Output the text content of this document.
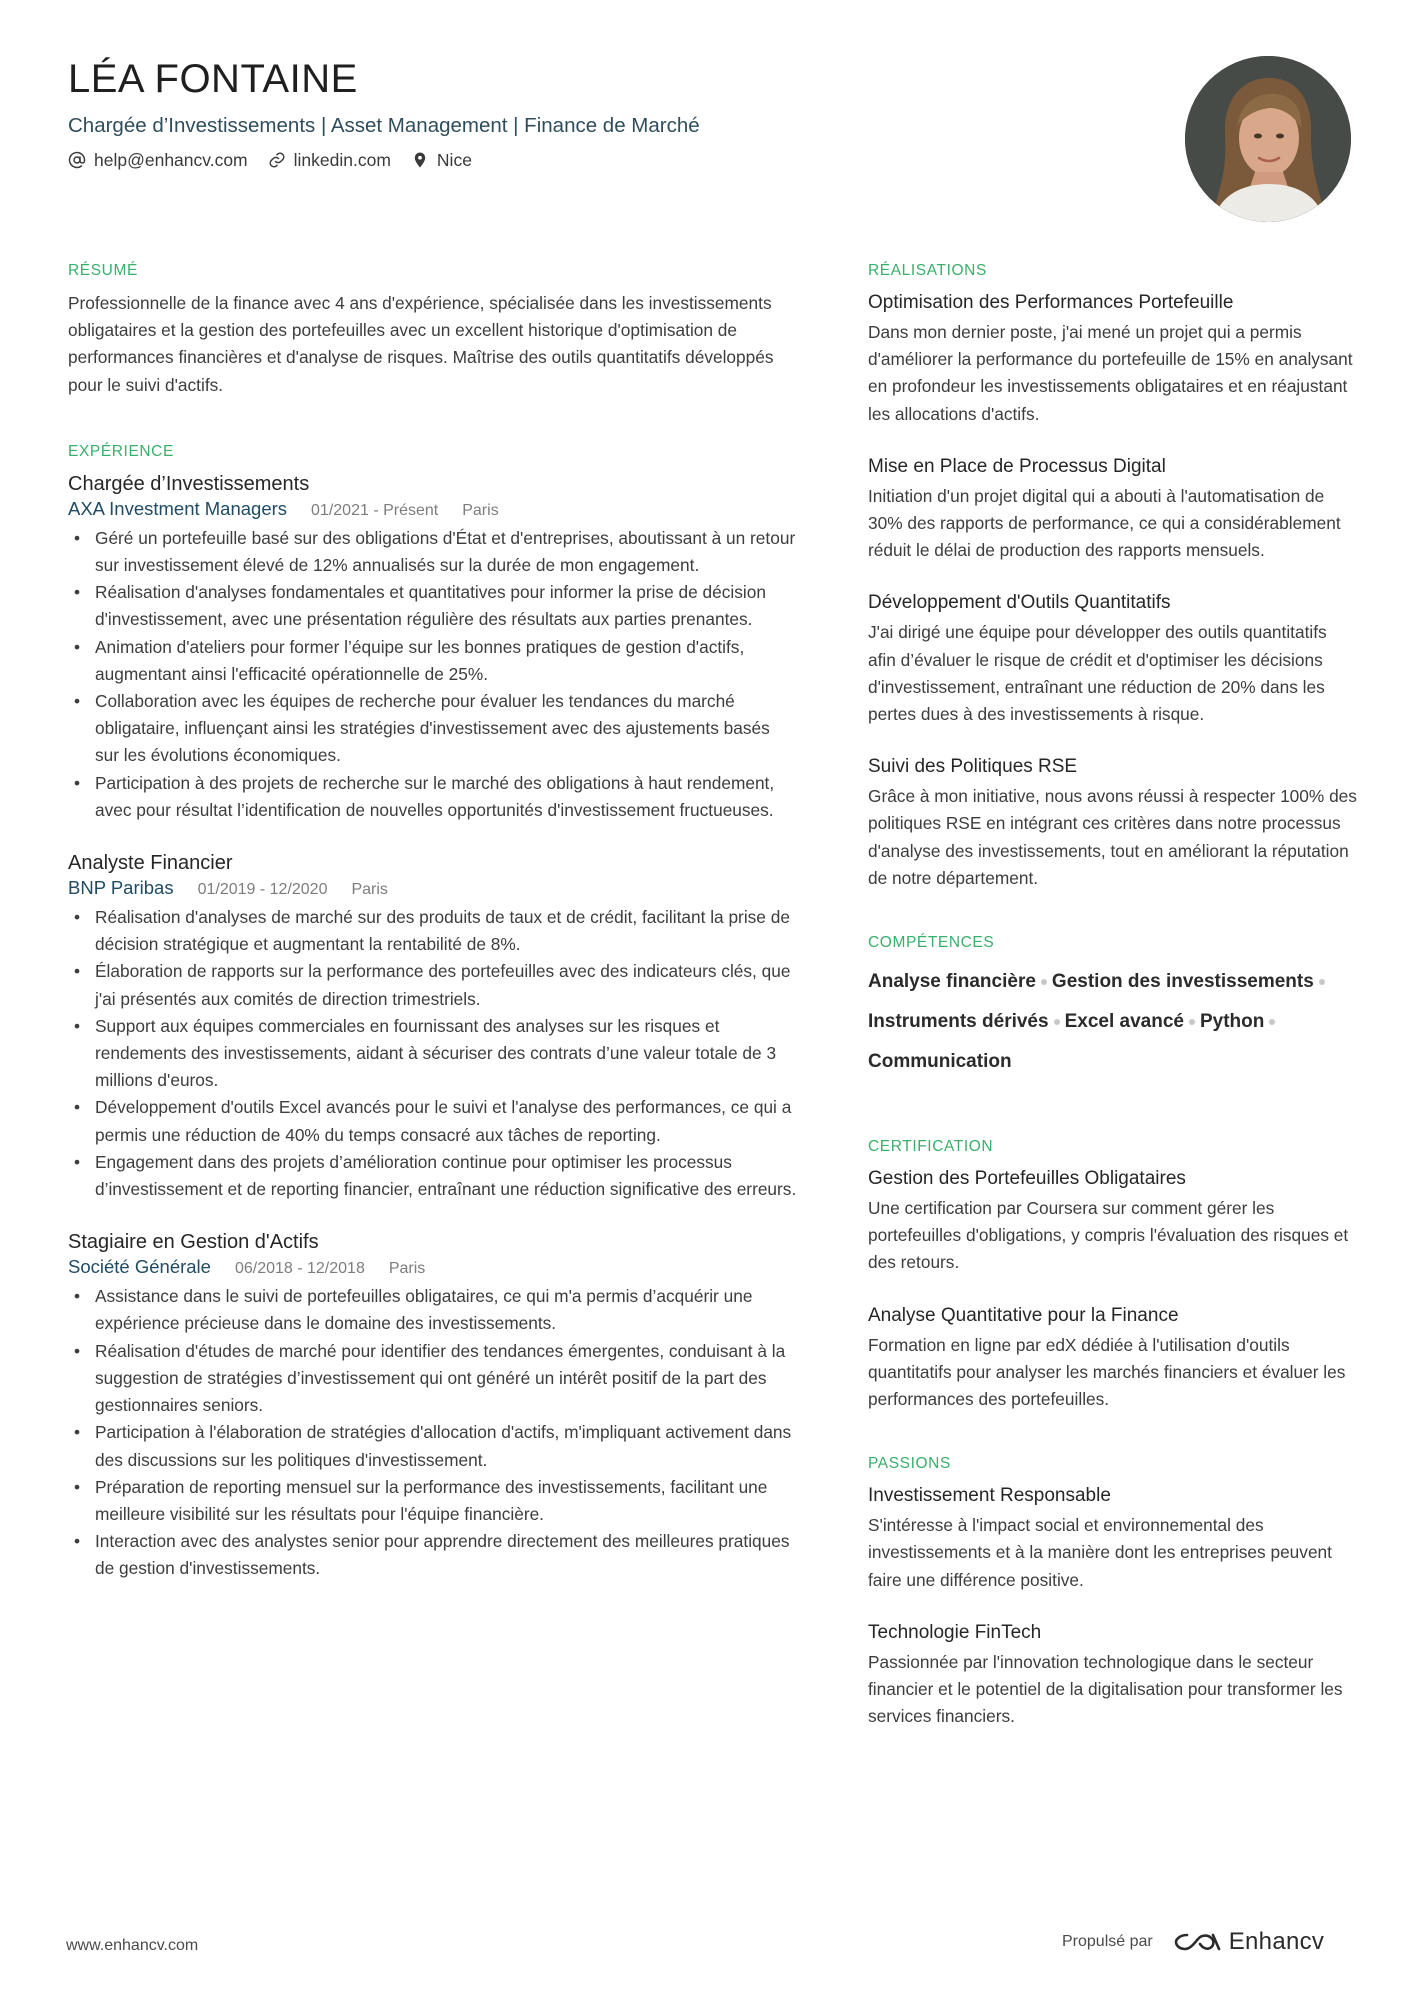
LÉA FONTAINE
Chargée d’Investissements | Asset Management | Finance de Marché
help@enhancv.com	linkedin.com	Nice
RÉSUMÉ
Professionnelle de la finance avec 4 ans d'expérience, spécialisée dans les investissements obligataires et la gestion des portefeuilles avec un excellent historique d'optimisation de performances financières et d'analyse de risques. Maîtrise des outils quantitatifs développés pour le suivi d'actifs.
EXPÉRIENCE
Chargée d’Investissements
AXA Investment Managers 01/2021 - Présent Paris
• Géré un portefeuille basé sur des obligations d'État et d'entreprises, aboutissant à un retour sur investissement élevé de 12% annualisés sur la durée de mon engagement.
• Réalisation d'analyses fondamentales et quantitatives pour informer la prise de décision d'investissement, avec une présentation régulière des résultats aux parties prenantes.
• Animation d'ateliers pour former l’équipe sur les bonnes pratiques de gestion d'actifs, augmentant ainsi l'efficacité opérationnelle de 25%.
• Collaboration avec les équipes de recherche pour évaluer les tendances du marché obligataire, influençant ainsi les stratégies d'investissement avec des ajustements basés sur les évolutions économiques.
• Participation à des projets de recherche sur le marché des obligations à haut rendement, avec pour résultat l’identification de nouvelles opportunités d'investissement fructueuses.
Analyste Financier
BNP Paribas 01/2019 - 12/2020 Paris
• Réalisation d'analyses de marché sur des produits de taux et de crédit, facilitant la prise de décision stratégique et augmentant la rentabilité de 8%.
• Élaboration de rapports sur la performance des portefeuilles avec des indicateurs clés, que j'ai présentés aux comités de direction trimestriels.
• Support aux équipes commerciales en fournissant des analyses sur les risques et rendements des investissements, aidant à sécuriser des contrats d’une valeur totale de 3 millions d'euros.
• Développement d'outils Excel avancés pour le suivi et l'analyse des performances, ce qui a permis une réduction de 40% du temps consacré aux tâches de reporting.
• Engagement dans des projets d’amélioration continue pour optimiser les processus d’investissement et de reporting financier, entraînant une réduction significative des erreurs.
Stagiaire en Gestion d'Actifs
Société Générale 06/2018 - 12/2018 Paris
• Assistance dans le suivi de portefeuilles obligataires, ce qui m'a permis d’acquérir une expérience précieuse dans le domaine des investissements.
• Réalisation d'études de marché pour identifier des tendances émergentes, conduisant à la suggestion de stratégies d’investissement qui ont généré un intérêt positif de la part des gestionnaires seniors.
• Participation à l'élaboration de stratégies d'allocation d'actifs, m'impliquant activement dans des discussions sur les politiques d'investissement.
• Préparation de reporting mensuel sur la performance des investissements, facilitant une meilleure visibilité sur les résultats pour l'équipe financière.
• Interaction avec des analystes senior pour apprendre directement des meilleures pratiques de gestion d'investissements.
RÉALISATIONS
Optimisation des Performances Portefeuille
Dans mon dernier poste, j'ai mené un projet qui a permis d'améliorer la performance du portefeuille de 15% en analysant en profondeur les investissements obligataires et en réajustant les allocations d'actifs.
Mise en Place de Processus Digital
Initiation d'un projet digital qui a abouti à l'automatisation de 30% des rapports de performance, ce qui a considérablement réduit le délai de production des rapports mensuels.
Développement d'Outils Quantitatifs
J'ai dirigé une équipe pour développer des outils quantitatifs afin d’évaluer le risque de crédit et d'optimiser les décisions d'investissement, entraînant une réduction de 20% dans les pertes dues à des investissements à risque.
Suivi des Politiques RSE
Grâce à mon initiative, nous avons réussi à respecter 100% des politiques RSE en intégrant ces critères dans notre processus d'analyse des investissements, tout en améliorant la réputation de notre département.
COMPÉTENCES
Analyse financière Gestion des investissements
Instruments dérivés Excel avancé Python
Communication
CERTIFICATION
Gestion des Portefeuilles Obligataires
Une certification par Coursera sur comment gérer les portefeuilles d'obligations, y compris l'évaluation des risques et des retours.
Analyse Quantitative pour la Finance
Formation en ligne par edX dédiée à l'utilisation d'outils quantitatifs pour analyser les marchés financiers et évaluer les performances des portefeuilles.
PASSIONS
Investissement Responsable
S'intéresse à l'impact social et environnemental des investissements et à la manière dont les entreprises peuvent faire une différence positive.
Technologie FinTech
Passionnée par l'innovation technologique dans le secteur financier et le potentiel de la digitalisation pour transformer les services financiers.
www.enhancv.com	Propulsé par	Enhancv
